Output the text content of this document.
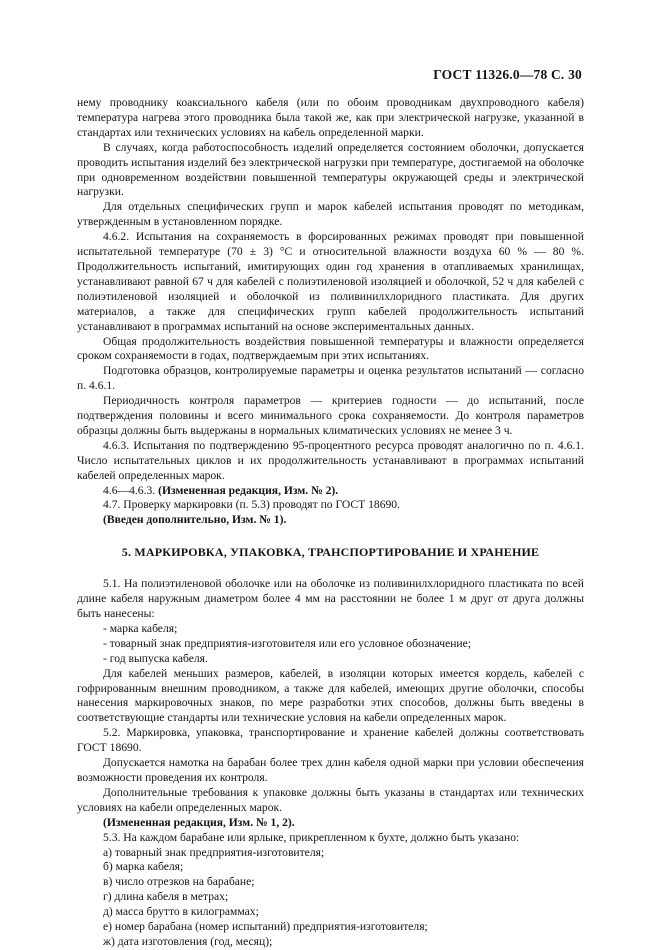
ГОСТ 11326.0—78 С. 30

нему проводнику коаксиального кабеля (или по обоим проводникам двухпроводного кабеля) температура нагрева этого проводника была такой же, как при электрической нагрузке, указанной в стандартах или технических условиях на кабель определенной марки.

В случаях, когда работоспособность изделий определяется состоянием оболочки, допускается проводить испытания изделий без электрической нагрузки при температуре, достигаемой на оболочке при одновременном воздействии повышенной температуры окружающей среды и электрической нагрузки.

Для отдельных специфических групп и марок кабелей испытания проводят по методикам, утвержденным в установленном порядке.

4.6.2. Испытания на сохраняемость в форсированных режимах проводят при повышенной испытательной температуре (70 ± 3) °С и относительной влажности воздуха 60 % — 80 %. Продолжительность испытаний, имитирующих один год хранения в отапливаемых хранилищах, устанавливают равной 67 ч для кабелей с полиэтиленовой изоляцией и оболочкой, 52 ч для кабелей с полиэтиленовой изоляцией и оболочкой из поливинилхлоридного пластиката. Для других материалов, а также для специфических групп кабелей продолжительность испытаний устанавливают в программах испытаний на основе экспериментальных данных.

Общая продолжительность воздействия повышенной температуры и влажности определяется сроком сохраняемости в годах, подтверждаемым при этих испытаниях.

Подготовка образцов, контролируемые параметры и оценка результатов испытаний — согласно п. 4.6.1.

Периодичность контроля параметров — критериев годности — до испытаний, после подтверждения половины и всего минимального срока сохраняемости. До контроля параметров образцы должны быть выдержаны в нормальных климатических условиях не менее 3 ч.

4.6.3. Испытания по подтверждению 95-процентного ресурса проводят аналогично по п. 4.6.1. Число испытательных циклов и их продолжительность устанавливают в программах испытаний кабелей определенных марок.

4.6—4.6.3. (Измененная редакция, Изм. № 2).

4.7. Проверку маркировки (п. 5.3) проводят по ГОСТ 18690.

(Введен дополнительно, Изм. № 1).

5. МАРКИРОВКА, УПАКОВКА, ТРАНСПОРТИРОВАНИЕ И ХРАНЕНИЕ

5.1. На полиэтиленовой оболочке или на оболочке из поливинилхлоридного пластиката по всей длине кабеля наружным диаметром более 4 мм на расстоянии не более 1 м друг от друга должны быть нанесены:

- марка кабеля;

- товарный знак предприятия-изготовителя или его условное обозначение;

- год выпуска кабеля.

Для кабелей меньших размеров, кабелей, в изоляции которых имеется кордель, кабелей с гофрированным внешним проводником, а также для кабелей, имеющих другие оболочки, способы нанесения маркировочных знаков, по мере разработки этих способов, должны быть введены в соответствующие стандарты или технические условия на кабели определенных марок.

5.2. Маркировка, упаковка, транспортирование и хранение кабелей должны соответствовать ГОСТ 18690.

Допускается намотка на барабан более трех длин кабеля одной марки при условии обеспечения возможности проведения их контроля.

Дополнительные требования к упаковке должны быть указаны в стандартах или технических условиях на кабели определенных марок.

(Измененная редакция, Изм. № 1, 2).

5.3. На каждом барабане или ярлыке, прикрепленном к бухте, должно быть указано:

а) товарный знак предприятия-изготовителя;

б) марка кабеля;

в) число отрезков на барабане;

г) длина кабеля в метрах;

д) масса брутто в килограммах;

е) номер барабана (номер испытаний) предприятия-изготовителя;

ж) дата изготовления (год, месяц);
